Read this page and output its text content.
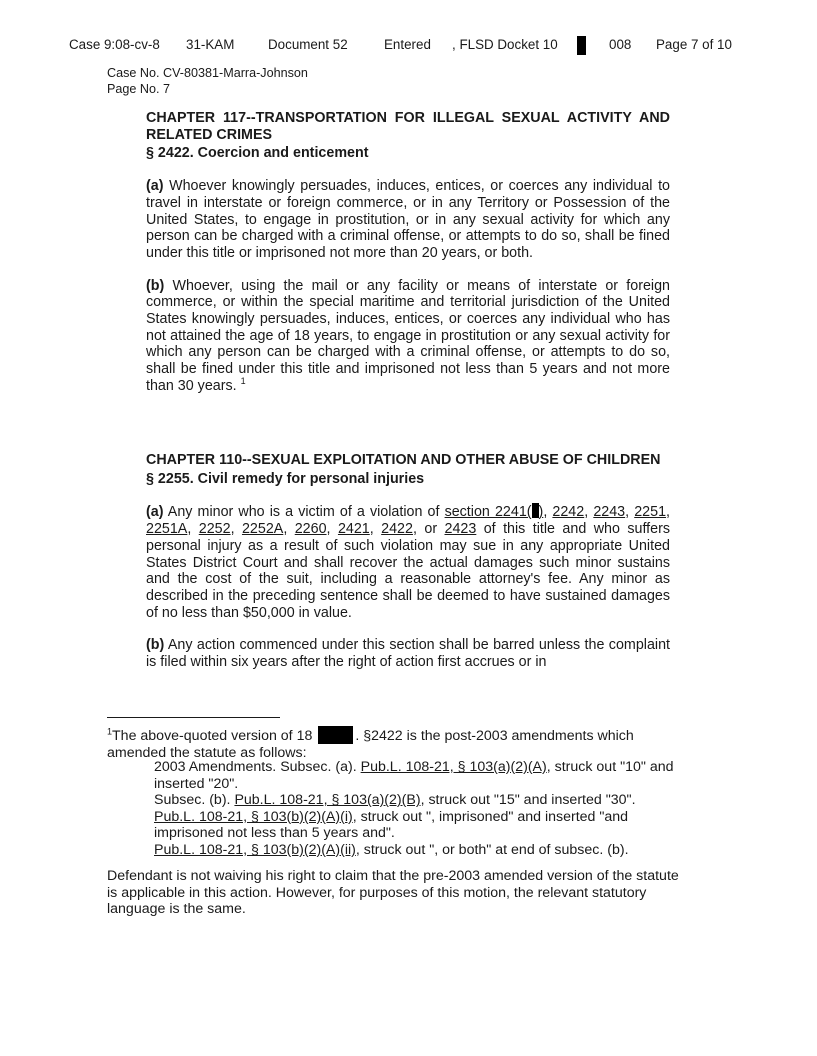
Case 9:08-cv-8 31-KAM	Document 52	Entered , FLSD Docket 10	008 Page 7 of 10
Case No. CV-80381-Marra-Johnson
Page No. 7
CHAPTER 117--TRANSPORTATION FOR ILLEGAL SEXUAL ACTIVITY AND RELATED CRIMES
§ 2422. Coercion and enticement
(a) Whoever knowingly persuades, induces, entices, or coerces any individual to travel in interstate or foreign commerce, or in any Territory or Possession of the United States, to engage in prostitution, or in any sexual activity for which any person can be charged with a criminal offense, or attempts to do so, shall be fined under this title or imprisoned not more than 20 years, or both.
(b) Whoever, using the mail or any facility or means of interstate or foreign commerce, or within the special maritime and territorial jurisdiction of the United States knowingly persuades, induces, entices, or coerces any individual who has not attained the age of 18 years, to engage in prostitution or any sexual activity for which any person can be charged with a criminal offense, or attempts to do so, shall be fined under this title and imprisoned not less than 5 years and not more than 30 years. $^1$
CHAPTER 110--SEXUAL EXPLOITATION AND OTHER ABUSE OF CHILDREN
§ 2255. Civil remedy for personal injuries
(a) Any minor who is a victim of a violation of section 2241( ), 2242, 2243, 2251, 2251A, 2252, 2252A, 2260, 2421, 2422, or 2423 of this title and who suffers personal injury as a result of such violation may sue in any appropriate United States District Court and shall recover the actual damages such minor sustains and the cost of the suit, including a reasonable attorney's fee. Any minor as described in the preceding sentence shall be deemed to have sustained damages of no less than $50,000 in value.
(b) Any action commenced under this section shall be barred unless the complaint is filed within six years after the right of action first accrues or in
$^1$The above-quoted version of 18	. §2422 is the post-2003 amendments which
amended the statute as follows:
2003 Amendments. Subsec. (a). Pub.L. 108-21, § 103(a)(2)(A), struck out "10" and inserted "20".
Subsec. (b). Pub.L. 108-21, § 103(a)(2)(B), struck out "15" and inserted "30".
Pub.L. 108-21, § 103(b)(2)(A)(i), struck out ", imprisoned" and inserted "and imprisoned not less than 5 years and".
Pub.L. 108-21, § 103(b)(2)(A)(ii), struck out ", or both" at end of subsec. (b).
Defendant is not waiving his right to claim that the pre-2003 amended version of the statute is applicable in this action. However, for purposes of this motion, the relevant statutory language is the same.
